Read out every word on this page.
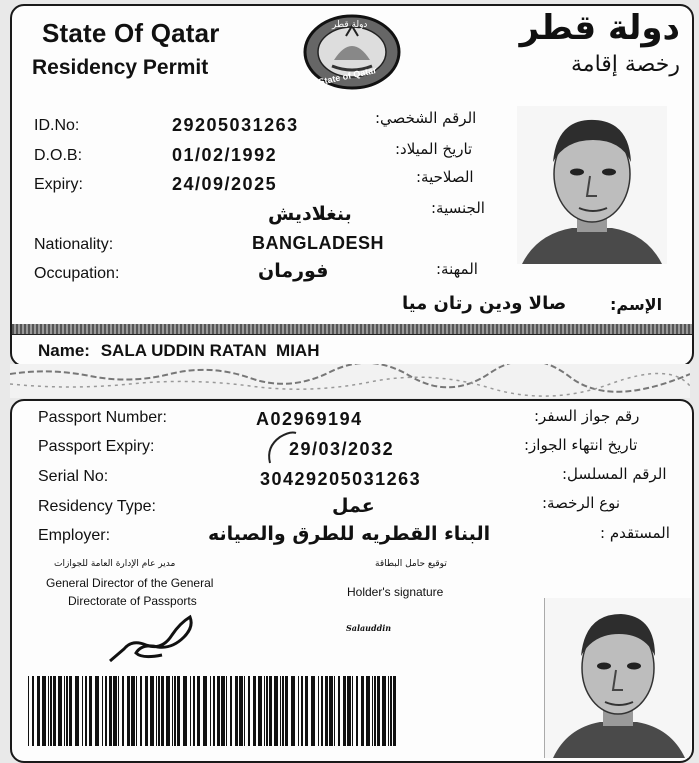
State Of Qatar
Residency Permit
دولة قطر
State of Qatar
دولة قطر
رخصة إقامة
ID.No:	29205031263	الرقم الشخصي:
D.O.B:	01/02/1992	تاريخ الميلاد:
Expiry:	24/09/2025	الصلاحية:
بنغلاديش	الجنسية:
Nationality:	BANGLADESH
Occupation:	فورمان	المهنة:
صالا ودين رتان ميا	الإسم:
Name: SALA UDDIN RATAN  MIAH
Passport Number:	A02969194	رقم جواز السفر:
Passport Expiry:	29/03/2032	تاريخ انتهاء الجواز:
Serial No:	30429205031263	الرقم المسلسل:
Residency Type:	عمل	نوع الرخصة:
Employer:	البناء القطريه للطرق والصيانه	المستقدم :
مدير عام الإدارة العامة للجوازات
General Director of the General
Directorate of Passports
توقيع حامل البطاقة
Holder's signature
Salauddin
